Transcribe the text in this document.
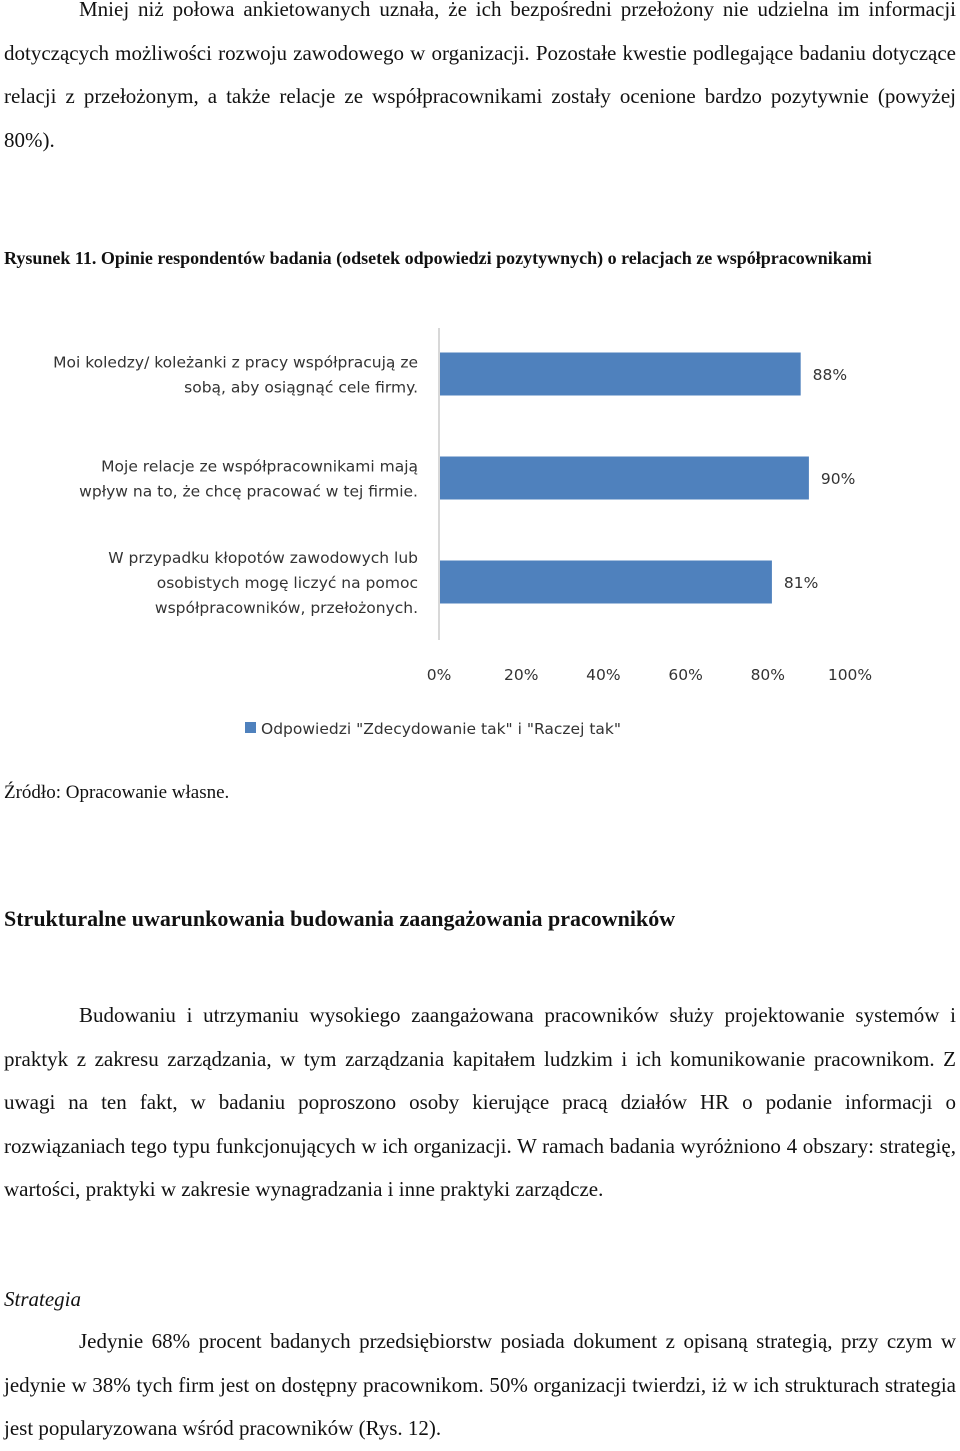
Mniej niż połowa ankietowanych uznała, że ich bezpośredni przełożony nie udzielna im informacji dotyczących możliwości rozwoju zawodowego w organizacji. Pozostałe kwestie podlegające badaniu dotyczące relacji z przełożonym, a także relacje ze współpracownikami zostały ocenione bardzo pozytywnie (powyżej 80%).

Rysunek 11. Opinie respondentów badania (odsetek odpowiedzi pozytywnych) o relacjach ze współpracownikami

Moi koledzy/ koleżanki z pracy współpracują ze
sobą, aby osiągnąć cele firmy.
Moje relacje ze współpracownikami mają
wpływ na to, że chcę pracować w tej firmie.
W przypadku kłopotów zawodowych lub
osobistych mogę liczyć na pomoc
współpracowników, przełożonych.
88%
90%
81%
0%	20%	40%	60%	80%	100%
Odpowiedzi "Zdecydowanie tak" i "Raczej tak"

Źródło: Opracowanie własne.

Strukturalne uwarunkowania budowania zaangażowania pracowników

Budowaniu i utrzymaniu wysokiego zaangażowana pracowników służy projektowanie systemów i praktyk z zakresu zarządzania, w tym zarządzania kapitałem ludzkim i ich komunikowanie pracownikom. Z uwagi na ten fakt, w badaniu poproszono osoby kierujące pracą działów HR o podanie informacji o rozwiązaniach tego typu funkcjonujących w ich organizacji. W ramach badania wyróżniono 4 obszary: strategię, wartości, praktyki w zakresie wynagradzania i inne praktyki zarządcze.

Strategia

Jedynie 68% procent badanych przedsiębiorstw posiada dokument z opisaną strategią, przy czym w jedynie w 38% tych firm jest on dostępny pracownikom. 50% organizacji twierdzi, iż w ich strukturach strategia jest popularyzowana wśród pracowników (Rys. 12).
